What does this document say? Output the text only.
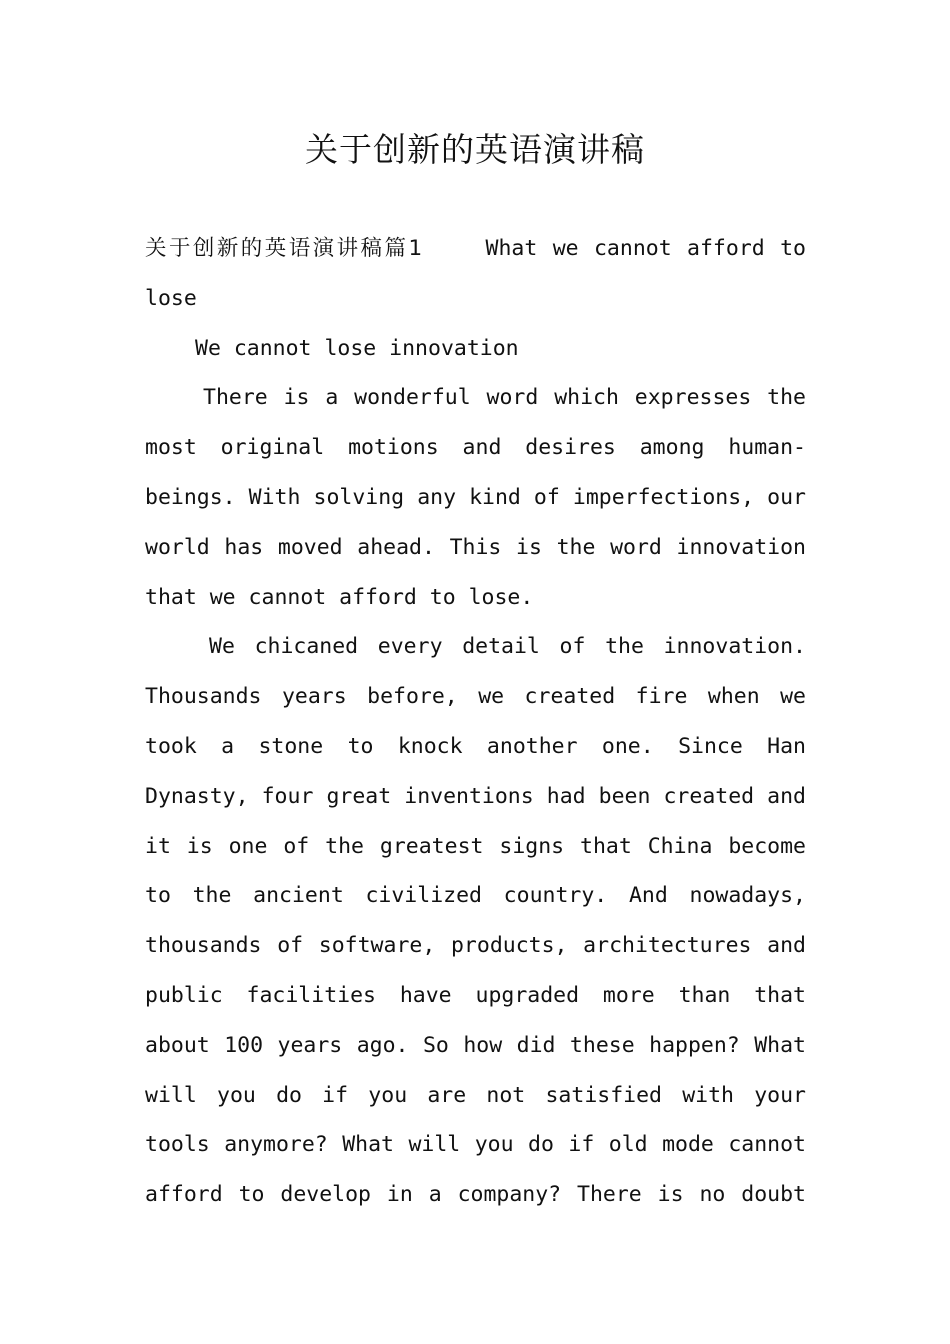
关于创新的英语演讲稿
关于创新的英语演讲稿篇1	What we cannot afford to
lose
We cannot lose innovation
There is a wonderful word which expresses the
most original motions and desires among human-
beings. With solving any kind of imperfections, our
world has moved ahead. This is the word innovation
that we cannot afford to lose.
We chicaned every detail of the innovation.
Thousands years before, we created fire when we
took a stone to knock another one. Since Han
Dynasty, four great inventions had been created and
it is one of the greatest signs that China become
to the ancient civilized country. And nowadays,
thousands of software, products, architectures and
public facilities have upgraded more than that
about 100 years ago. So how did these happen? What
will you do if you are not satisfied with your
tools anymore? What will you do if old mode cannot
afford to develop in a company? There is no doubt
